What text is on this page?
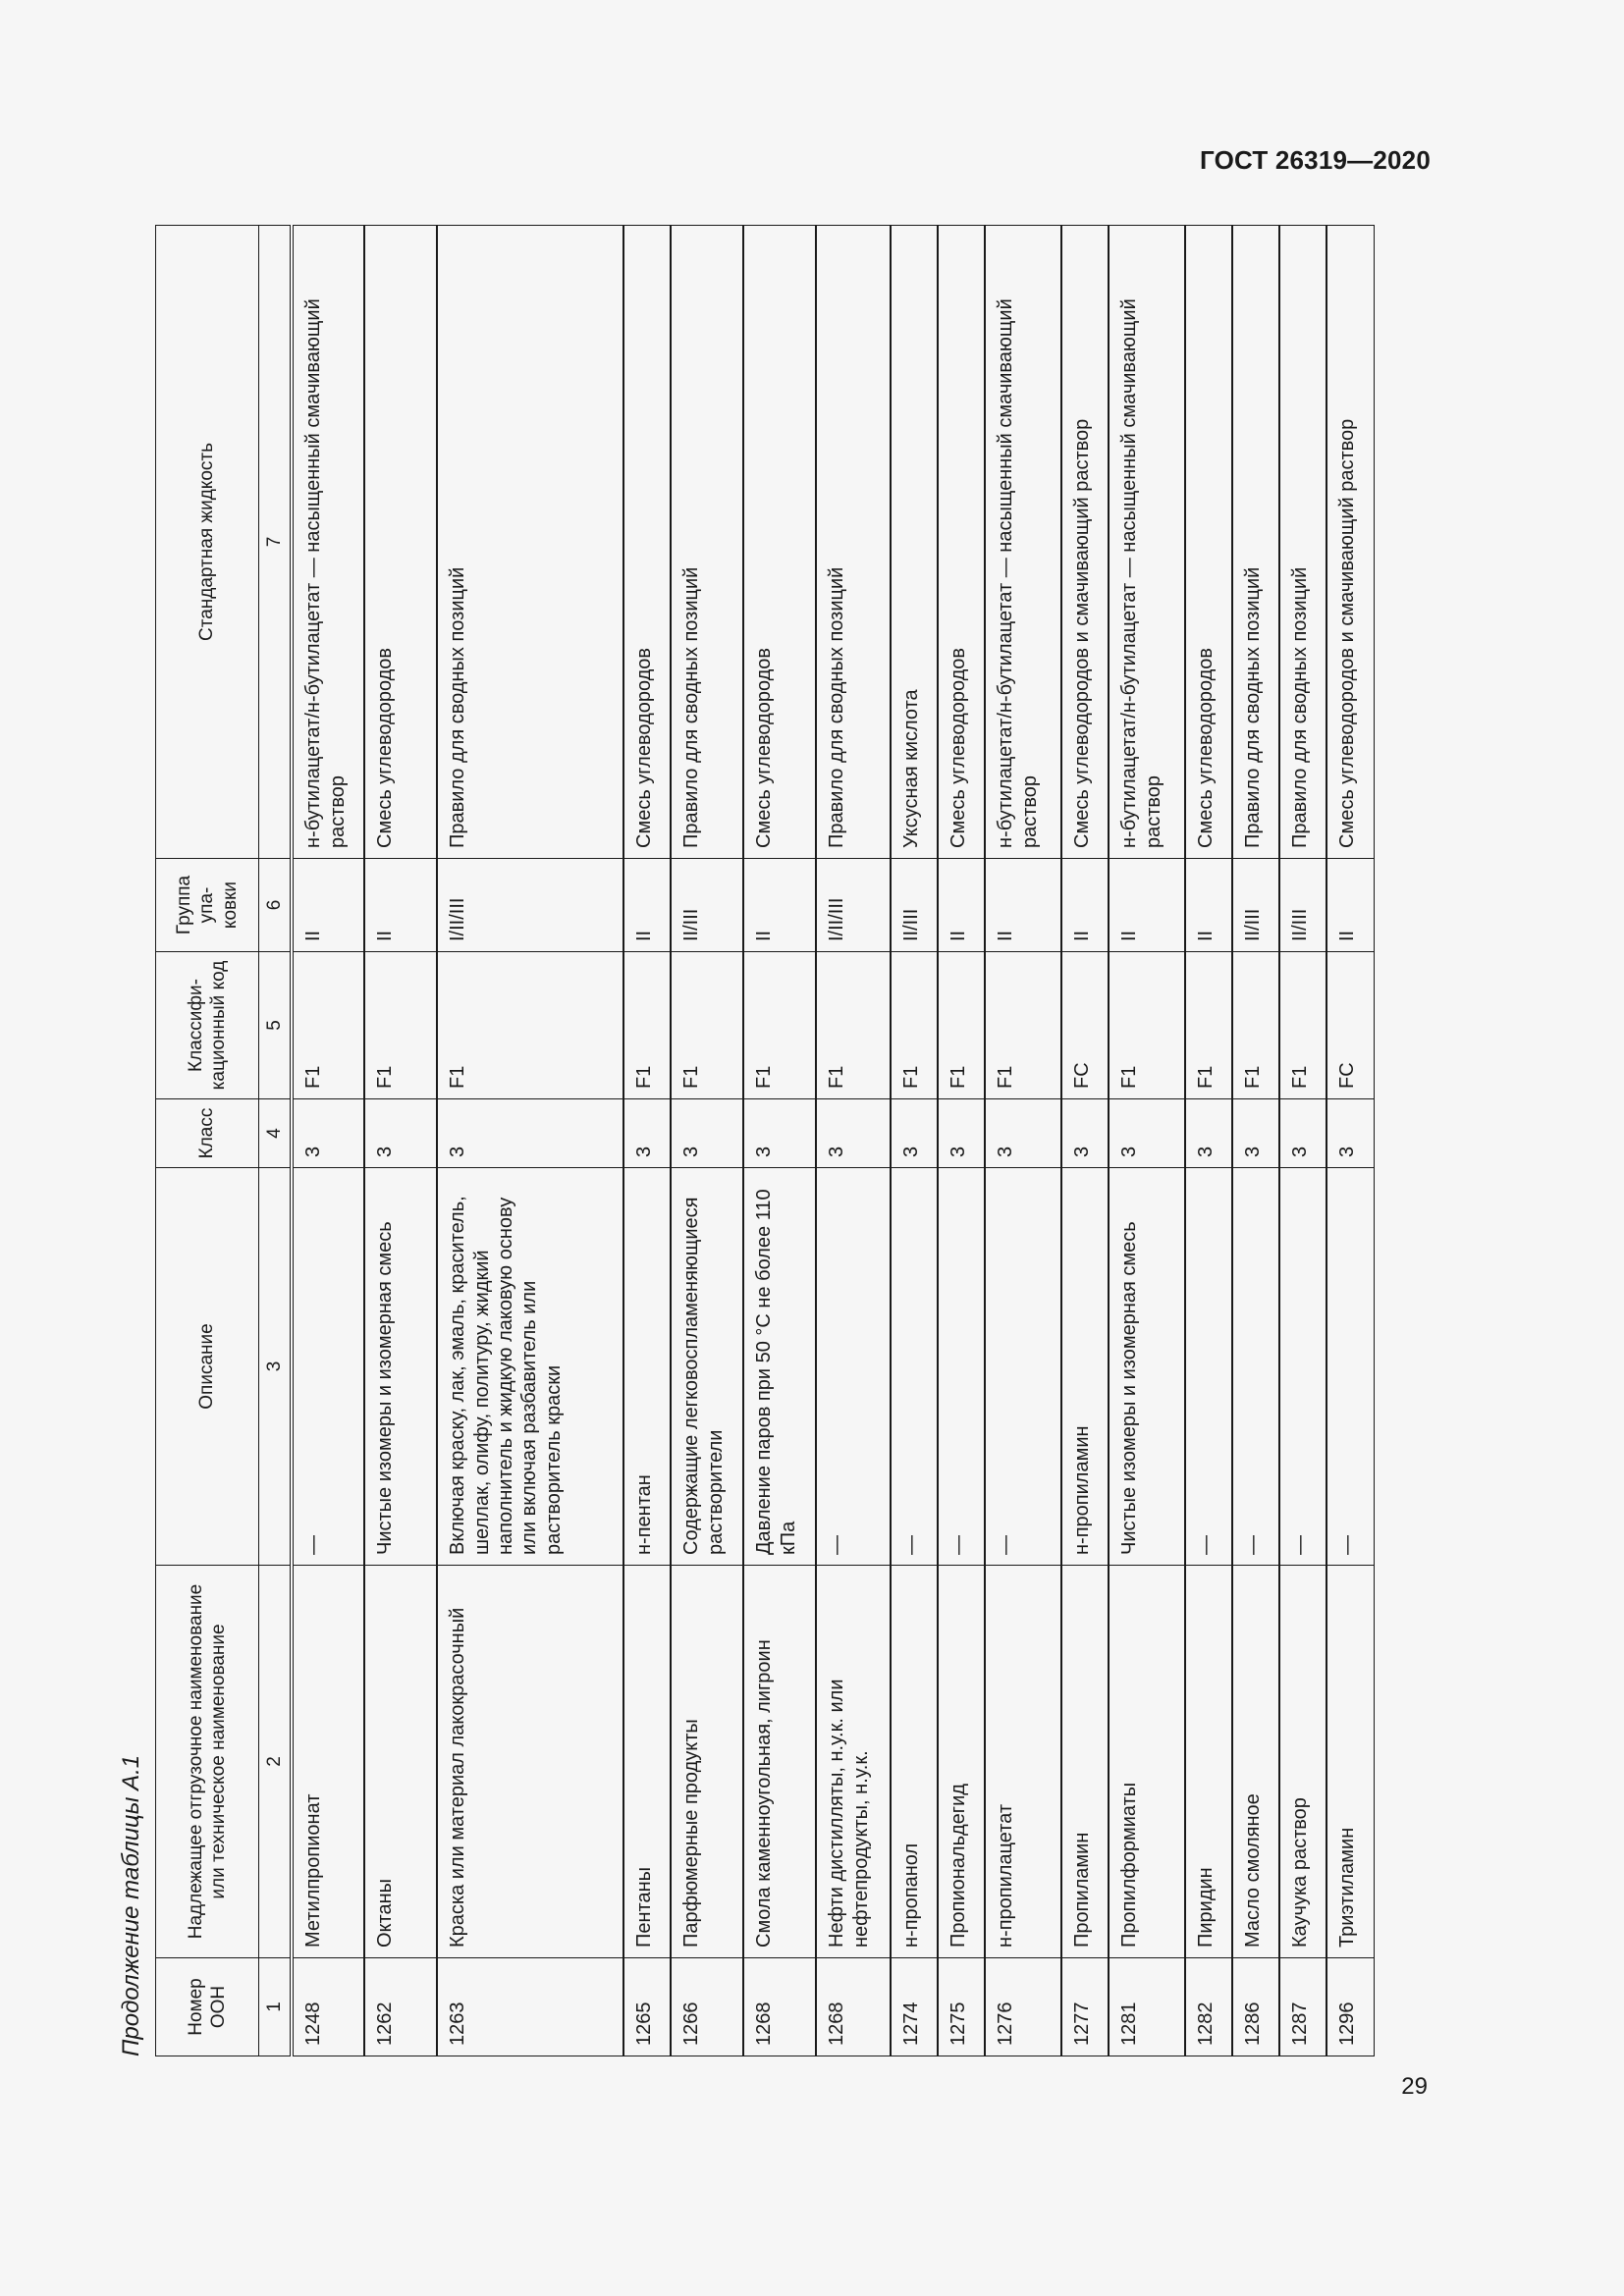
ГОСТ 26319—2020
Продолжение таблицы А.1	Номер ООН	Надлежащее отгрузочное наименование или техническое наименование	Описание	Класс	Классифи-кационный код	Группа упа-ковки	Стандартная жидкость
1	2	3	4	5	6	7
1248	Метилпропионат	—	3	F1	II	н-бутилацетат/н-бутилацетат — насыщенный смачивающий раствор
1262	Октаны	Чистые изомеры и изомерная смесь	3	F1	II	Смесь углеводородов
1263	Краска или материал лакокрасочный	Включая краску, лак, эмаль, краситель, шеллак, олифу, политуру, жидкий наполнитель и жидкую лаковую основу или включая разбавитель или растворитель краски	3	F1	I/II/III	Правило для сводных позиций
1265	Пентаны	н-пентан	3	F1	II	Смесь углеводородов
1266	Парфюмерные продукты	Содержащие легковоспламеняющиеся растворители	3	F1	II/III	Правило для сводных позиций
1268	Смола каменноугольная, лигроин	Давление паров при 50 °С не более 110 кПа	3	F1	II	Смесь углеводородов
1268	Нефти дистилляты, н.у.к. или нефтепродукты, н.у.к.	—	3	F1	I/II/III	Правило для сводных позиций
1274	н-пропанол	—	3	F1	II/III	Уксусная кислота
1275	Пропиональдегид	—	3	F1	II	Смесь углеводородов
1276	н-пропилацетат	—	3	F1	II	н-бутилацетат/н-бутилацетат — насыщенный смачивающий раствор
1277	Пропиламин	н-пропиламин	3	FC	II	Смесь углеводородов и смачивающий раствор
1281	Пропилформиаты	Чистые изомеры и изомерная смесь	3	F1	II	н-бутилацетат/н-бутилацетат — насыщенный смачивающий раствор
1282	Пиридин	—	3	F1	II	Смесь углеводородов
1286	Масло смоляное	—	3	F1	II/III	Правило для сводных позиций
1287	Каучука раствор	—	3	F1	II/III	Правило для сводных позиций
1296	Триэтиламин	—	3	FC	II	Смесь углеводородов и смачивающий раствор
29
